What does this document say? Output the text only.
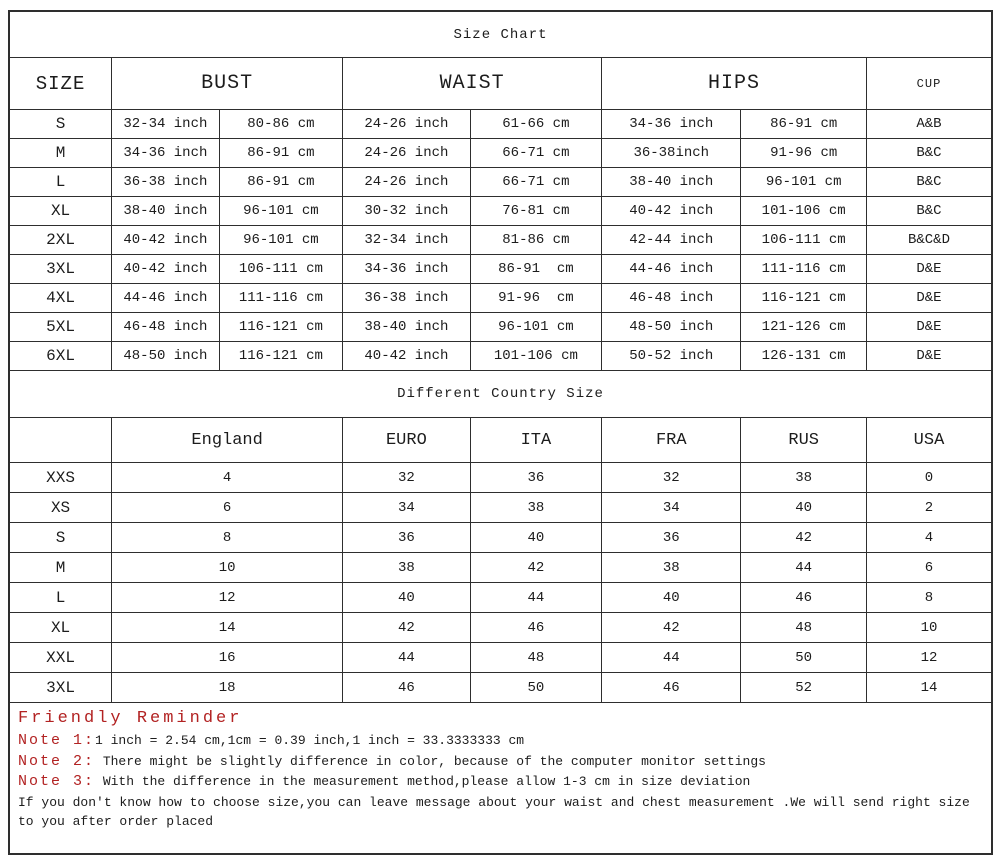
Size Chart							
SIZE	BUST		WAIST		HIPS		CUP
S	32-34 inch	80-86 cm	24-26 inch	61-66 cm	34-36 inch	86-91 cm	A&B
M	34-36 inch	86-91 cm	24-26 inch	66-71 cm	36-38inch	91-96 cm	B&C
L	36-38 inch	86-91 cm	24-26 inch	66-71 cm	38-40 inch	96-101 cm	B&C
XL	38-40 inch	96-101 cm	30-32 inch	76-81 cm	40-42 inch	101-106 cm	B&C
2XL	40-42 inch	96-101 cm	32-34 inch	81-86 cm	42-44 inch	106-111 cm	B&C&D
3XL	40-42 inch	106-111 cm	34-36 inch	86-91  cm	44-46 inch	111-116 cm	D&E
4XL	44-46 inch	111-116 cm	36-38 inch	91-96  cm	46-48 inch	116-121 cm	D&E
5XL	46-48 inch	116-121 cm	38-40 inch	96-101 cm	48-50 inch	121-126 cm	D&E
6XL	48-50 inch	116-121 cm	40-42 inch	101-106 cm	50-52 inch	126-131 cm	D&E
Different Country Size						
	England	EURO	ITA	FRA	RUS	USA
XXS	4	32	36	32	38	0
XS	6	34	38	34	40	2
S	8	36	40	36	42	4
M	10	38	42	38	44	6
L	12	40	44	40	46	8
XL	14	42	46	42	48	10
XXL	16	44	48	44	50	12
3XL	18	46	50	46	52	14
Friendly Reminder
Note 1:1 inch = 2.54 cm,1cm = 0.39 inch,1 inch = 33.3333333 cm
Note 2: There might be slightly difference in color, because of the computer monitor settings
Note 3: With the difference in the measurement method,please allow 1-3 cm in size deviation
If you don't know how to choose size,you can leave message about your waist and chest measurement .We will send right size to you after order placed
